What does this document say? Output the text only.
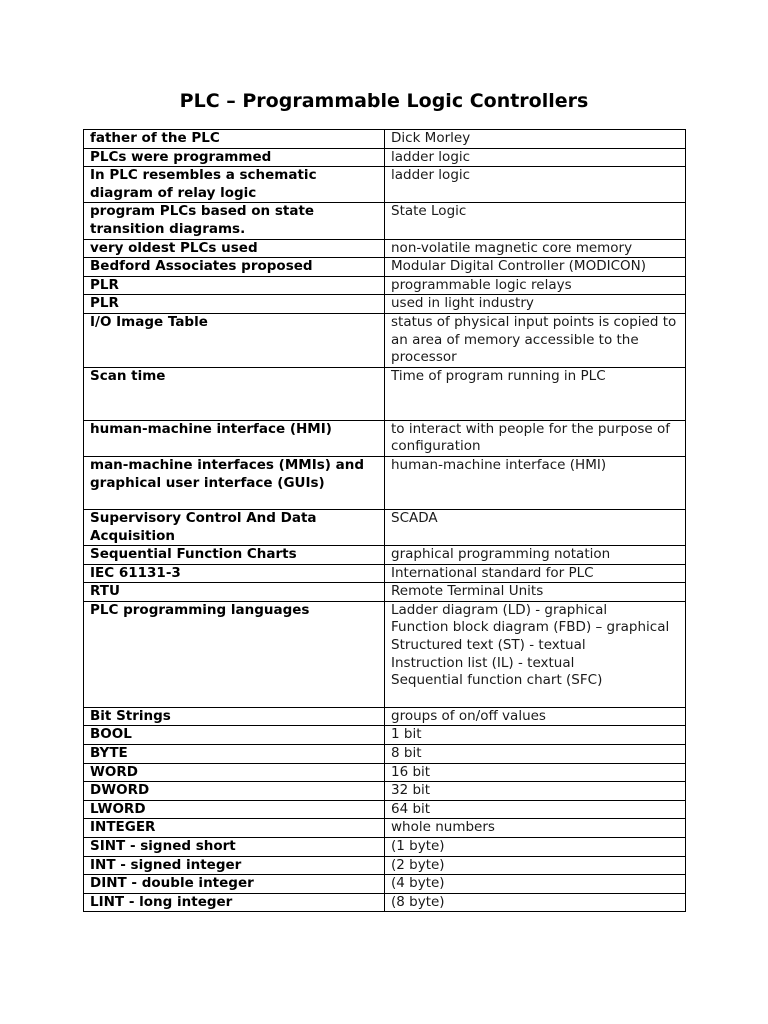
PLC – Programmable Logic Controllers
father of the PLC	Dick Morley
PLCs were programmed	ladder logic
In PLC resembles a schematic diagram of relay logic	ladder logic
program PLCs based on state transition diagrams.	State Logic
very oldest PLCs used	non-volatile magnetic core memory
Bedford Associates proposed	Modular Digital Controller (MODICON)
PLR	programmable logic relays
PLR	used in light industry
I/O Image Table	status of physical input points is copied to an area of memory accessible to the processor
Scan time	Time of program running in PLC
human-machine interface (HMI)	to interact with people for the purpose of configuration
man-machine interfaces (MMIs) and graphical user interface (GUIs)	human-machine interface (HMI)
Supervisory Control And Data Acquisition	SCADA
Sequential Function Charts	graphical programming notation
IEC 61131-3	International standard for PLC
RTU	Remote Terminal Units
PLC programming languages	Ladder diagram (LD) - graphical
Function block diagram (FBD) – graphical
Structured text (ST) - textual
Instruction list (IL) - textual
Sequential function chart (SFC)

Bit Strings	groups of on/off values
BOOL	1 bit
BYTE	8 bit
WORD	16 bit
DWORD	32 bit
LWORD	64 bit
INTEGER	whole numbers
SINT - signed short	(1 byte)
INT - signed integer	(2 byte)
DINT - double integer	(4 byte)
LINT - long integer	(8 byte)
